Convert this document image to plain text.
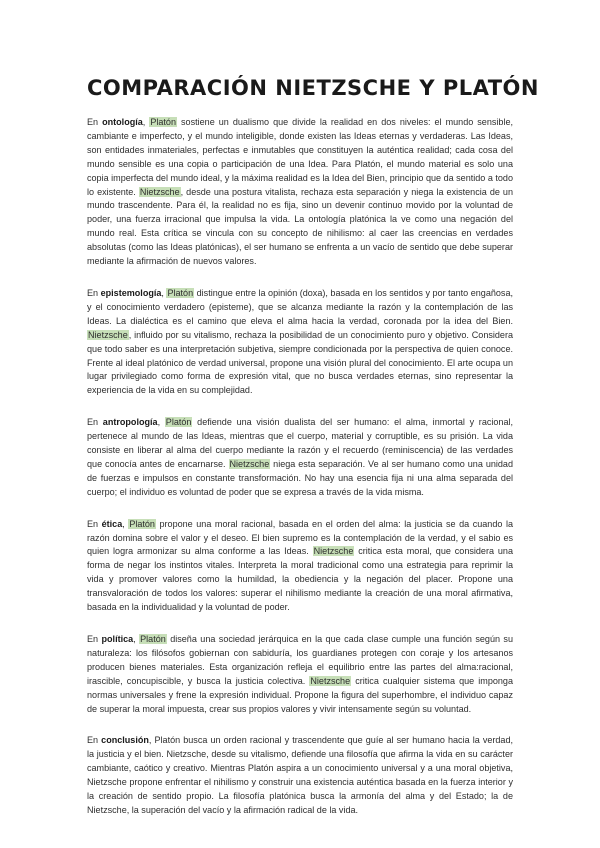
COMPARACIÓN NIETZSCHE Y PLATÓN

En ontología, Platón sostiene un dualismo que divide la realidad en dos niveles: el mundo sensible, cambiante e imperfecto, y el mundo inteligible, donde existen las Ideas eternas y verdaderas. Las Ideas, son entidades inmateriales, perfectas e inmutables que constituyen la auténtica realidad; cada cosa del mundo sensible es una copia o participación de una Idea. Para Platón, el mundo material es solo una copia imperfecta del mundo ideal, y la máxima realidad es la Idea del Bien, principio que da sentido a todo lo existente. Nietzsche, desde una postura vitalista, rechaza esta separación y niega la existencia de un mundo trascendente. Para él, la realidad no es fija, sino un devenir continuo movido por la voluntad de poder, una fuerza irracional que impulsa la vida. La ontología platónica la ve como una negación del mundo real. Esta crítica se vincula con su concepto de nihilismo: al caer las creencias en verdades absolutas (como las Ideas platónicas), el ser humano se enfrenta a un vacío de sentido que debe superar mediante la afirmación de nuevos valores.

En epistemología, Platón distingue entre la opinión (doxa), basada en los sentidos y por tanto engañosa, y el conocimiento verdadero (episteme), que se alcanza mediante la razón y la contemplación de las Ideas. La dialéctica es el camino que eleva el alma hacia la verdad, coronada por la idea del Bien. Nietzsche, influido por su vitalismo, rechaza la posibilidad de un conocimiento puro y objetivo. Considera que todo saber es una interpretación subjetiva, siempre condicionada por la perspectiva de quien conoce. Frente al ideal platónico de verdad universal, propone una visión plural del conocimiento. El arte ocupa un lugar privilegiado como forma de expresión vital, que no busca verdades eternas, sino representar la experiencia de la vida en su complejidad.

En antropología, Platón defiende una visión dualista del ser humano: el alma, inmortal y racional, pertenece al mundo de las Ideas, mientras que el cuerpo, material y corruptible, es su prisión. La vida consiste en liberar al alma del cuerpo mediante la razón y el recuerdo (reminiscencia) de las verdades que conocía antes de encarnarse. Nietzsche niega esta separación. Ve al ser humano como una unidad de fuerzas e impulsos en constante transformación. No hay una esencia fija ni una alma separada del cuerpo; el individuo es voluntad de poder que se expresa a través de la vida misma.

En ética, Platón propone una moral racional, basada en el orden del alma: la justicia se da cuando la razón domina sobre el valor y el deseo. El bien supremo es la contemplación de la verdad, y el sabio es quien logra armonizar su alma conforme a las Ideas. Nietzsche critica esta moral, que considera una forma de negar los instintos vitales. Interpreta la moral tradicional como una estrategia para reprimir la vida y promover valores como la humildad, la obediencia y la negación del placer. Propone una transvaloración de todos los valores: superar el nihilismo mediante la creación de una moral afirmativa, basada en la individualidad y la voluntad de poder.

En política, Platón diseña una sociedad jerárquica en la que cada clase cumple una función según su naturaleza: los filósofos gobiernan con sabiduría, los guardianes protegen con coraje y los artesanos producen bienes materiales. Esta organización refleja el equilibrio entre las partes del alma:racional, irascible, concupiscible, y busca la justicia colectiva. Nietzsche critica cualquier sistema que imponga normas universales y frene la expresión individual. Propone la figura del superhombre, el individuo capaz de superar la moral impuesta, crear sus propios valores y vivir intensamente según su voluntad.

En conclusión, Platón busca un orden racional y trascendente que guíe al ser humano hacia la verdad, la justicia y el bien. Nietzsche, desde su vitalismo, defiende una filosofía que afirma la vida en su carácter cambiante, caótico y creativo. Mientras Platón aspira a un conocimiento universal y a una moral objetiva, Nietzsche propone enfrentar el nihilismo y construir una existencia auténtica basada en la fuerza interior y la creación de sentido propio. La filosofía platónica busca la armonía del alma y del Estado; la de Nietzsche, la superación del vacío y la afirmación radical de la vida.
